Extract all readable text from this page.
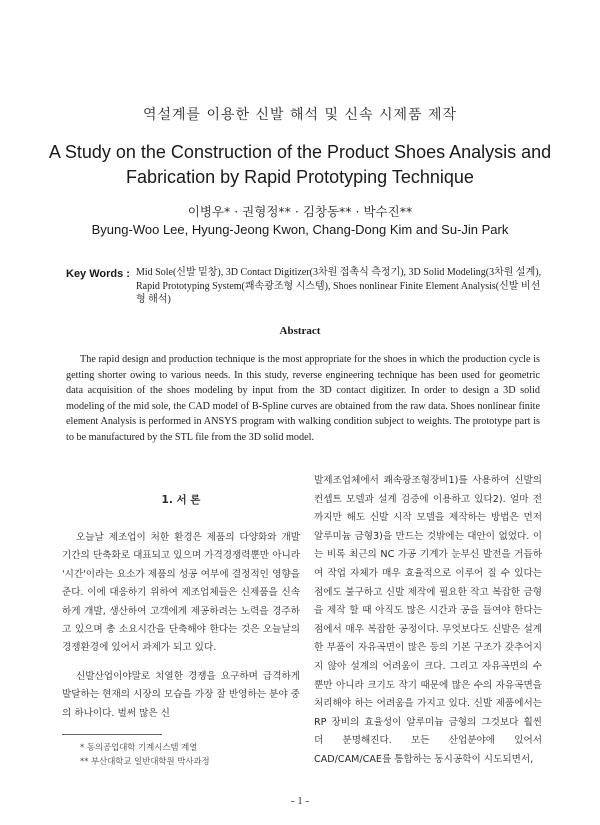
역설계를 이용한 신발 해석 및 신속 시제품 제작
A Study on the Construction of the Product Shoes Analysis and Fabrication by Rapid Prototyping Technique
이병우* · 권형정** · 김창동** · 박수진**
Byung-Woo Lee, Hyung-Jeong Kwon, Chang-Dong Kim and Su-Jin Park
Key Words : Mid Sole(신발 밑창), 3D Contact Digitizer(3차원 접촉식 측정기), 3D Solid Modeling(3차원 설계), Rapid Prototyping System(쾌속광조형 시스템), Shoes nonlinear Finite Element Analysis(신발 비선형 해석)
Abstract
The rapid design and production technique is the most appropriate for the shoes in which the production cycle is getting shorter owing to various needs. In this study, reverse engineering technique has been used for geometric data acquisition of the shoes modeling by input from the 3D contact digitizer. In order to design a 3D solid modeling of the mid sole, the CAD model of B-Spline curves are obtained from the raw data. Shoes nonlinear finite element Analysis is performed in ANSYS program with walking condition subject to weights. The prototype part is to be manufactured by the STL file from the 3D solid model.
1. 서 론

오늘날 제조업이 처한 환경은 제품의 다양화와 개발 기간의 단축화로 대표되고 있으며 가격경쟁력뿐만 아니라 '시간'이라는 요소가 제품의 성공 여부에 결정적인 영향을 준다. 이에 대응하기 위하여 제조업체들은 신제품을 신속하게 개발, 생산하여 고객에게 제공하려는 노력을 경주하고 있으며 총 소요시간을 단축해야 한다는 것은 오늘날의 경쟁환경에 있어서 과제가 되고 있다.

신발산업이야말로 치열한 경쟁을 요구하며 급격하게 발달하는 현재의 시장의 모습을 가장 잘 반영하는 분야 중의 하나이다. 벌써 많은 신

발제조업체에서 쾌속광조형장비1)를 사용하여 신발의 컨셉트 모델과 설계 검증에 이용하고 있다2). 얼마 전까지만 해도 신발 시작 모델을 제작하는 방법은 먼저 알루미늄 금형3)을 만드는 것밖에는 대안이 없었다. 이는 비록 최근의 NC 가공 기계가 눈부신 발전을 거듭하여 작업 자체가 매우 효율적으로 이루어 질 수 있다는 점에도 불구하고 신발 제작에 필요한 작고 복잡한 금형을 제작 할 때 아직도 많은 시간과 공을 들여야 한다는 점에서 매우 복잡한 공정이다. 무엇보다도 신발은 설계한 부품이 자유곡면이 많은 등의 기본 구조가 갖추어지지 않아 설계의 어려움이 크다. 그리고 자유곡면의 수뿐만 아니라 크기도 작기 때문에 많은 수의 자유곡면을 처리해야 하는 어려움을 가지고 있다. 신발 제품에서는 RP 장비의 효율성이 알루미늄 금형의 그것보다 훨씬 더 분명해진다. 모든 산업분야에 있어서 CAD/CAM/CAE를 통합하는 동시공학이 시도되면서,

* 동의공업대학 기계시스템 계열
** 부산대학교 일반대학원 박사과정
- 1 -
